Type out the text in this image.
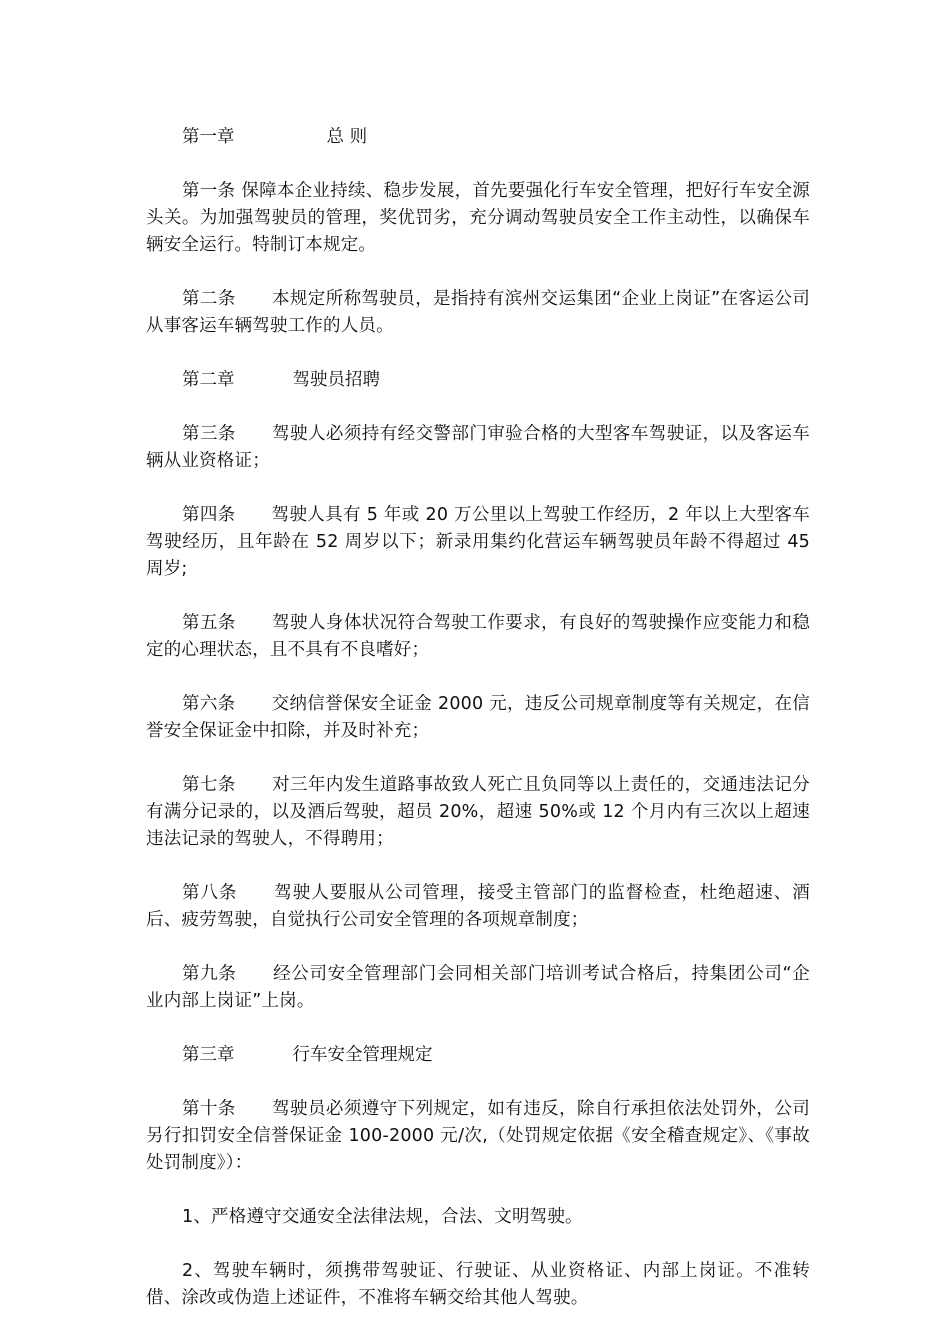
第一章	总 则

第一条 保障本企业持续、稳步发展，首先要强化行车安全管理，把好行车安全源头关。为加强驾驶员的管理，奖优罚劣，充分调动驾驶员安全工作主动性，以确保车辆安全运行。特制订本规定。

第二条 本规定所称驾驶员，是指持有滨州交运集团“企业上岗证”在客运公司从事客运车辆驾驶工作的人员。

第二章	驾驶员招聘

第三条 驾驶人必须持有经交警部门审验合格的大型客车驾驶证，以及客运车辆从业资格证；

第四条 驾驶人具有 5 年或 20 万公里以上驾驶工作经历，2 年以上大型客车驾驶经历，且年龄在 52 周岁以下；新录用集约化营运车辆驾驶员年龄不得超过 45 周岁;

第五条 驾驶人身体状况符合驾驶工作要求，有良好的驾驶操作应变能力和稳定的心理状态，且不具有不良嗜好；

第六条 交纳信誉保安全证金 2000 元，违反公司规章制度等有关规定，在信誉安全保证金中扣除，并及时补充；

第七条 对三年内发生道路事故致人死亡且负同等以上责任的，交通违法记分有满分记录的，以及酒后驾驶，超员 20%，超速 50%或 12 个月内有三次以上超速违法记录的驾驶人，不得聘用；

第八条 驾驶人要服从公司管理，接受主管部门的监督检查，杜绝超速、酒后、疲劳驾驶，自觉执行公司安全管理的各项规章制度；

第九条 经公司安全管理部门会同相关部门培训考试合格后，持集团公司“企业内部上岗证”上岗。

第三章	行车安全管理规定

第十条 驾驶员必须遵守下列规定，如有违反，除自行承担依法处罚外，公司另行扣罚安全信誉保证金 100-2000 元/次,（处罚规定依据《安全稽查规定》、《事故处罚制度》）：

1、严格遵守交通安全法律法规，合法、文明驾驶。

2、驾驶车辆时，须携带驾驶证、行驶证、从业资格证、内部上岗证。不准转借、涂改或伪造上述证件，不准将车辆交给其他人驾驶。
